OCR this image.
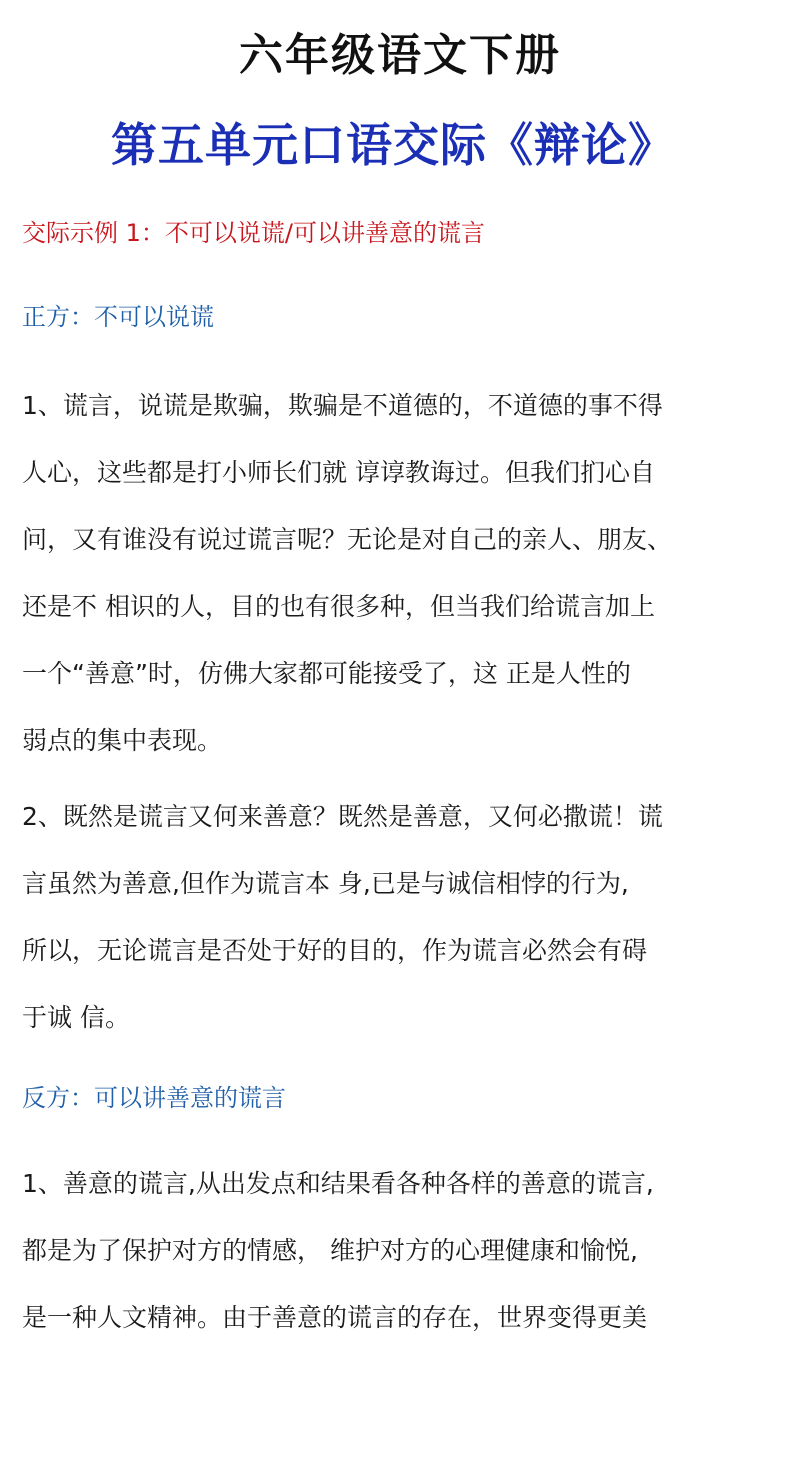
六年级语文下册
第五单元口语交际《辩论》
交际示例 1：不可以说谎/可以讲善意的谎言
正方：不可以说谎
1、谎言，说谎是欺骗，欺骗是不道德的，不道德的事不得
人心，这些都是打小师长们就 谆谆教诲过。但我们扪心自
问，又有谁没有说过谎言呢？无论是对自己的亲人、朋友、
还是不 相识的人，目的也有很多种，但当我们给谎言加上
一个“善意”时，仿佛大家都可能接受了，这 正是人性的
弱点的集中表现。
2、既然是谎言又何来善意？既然是善意，又何必撒谎！谎
言虽然为善意,但作为谎言本 身,已是与诚信相悖的行为,
所以，无论谎言是否处于好的目的，作为谎言必然会有碍
于诚 信。
反方：可以讲善意的谎言
1、善意的谎言,从出发点和结果看各种各样的善意的谎言,
都是为了保护对方的情感， 维护对方的心理健康和愉悦,
是一种人文精神。由于善意的谎言的存在，世界变得更美
